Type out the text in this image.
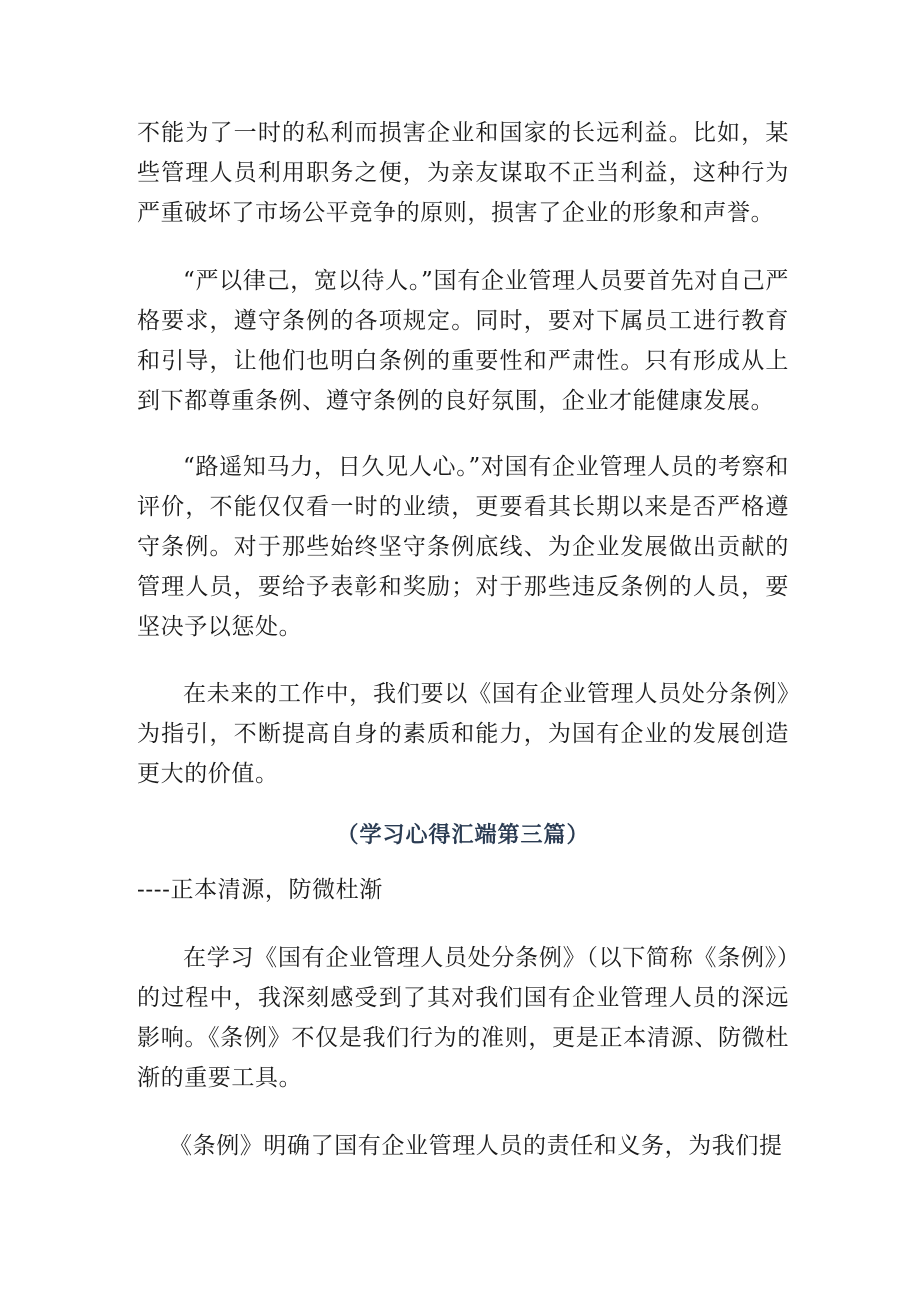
不能为了一时的私利而损害企业和国家的长远利益。比如，某些管理人员利用职务之便，为亲友谋取不正当利益，这种行为严重破坏了市场公平竞争的原则，损害了企业的形象和声誉。

“严以律己，宽以待人。”国有企业管理人员要首先对自己严格要求，遵守条例的各项规定。同时，要对下属员工进行教育和引导，让他们也明白条例的重要性和严肃性。只有形成从上到下都尊重条例、遵守条例的良好氛围，企业才能健康发展。

“路遥知马力，日久见人心。”对国有企业管理人员的考察和评价，不能仅仅看一时的业绩，更要看其长期以来是否严格遵守条例。对于那些始终坚守条例底线、为企业发展做出贡献的管理人员，要给予表彰和奖励；对于那些违反条例的人员，要坚决予以惩处。

在未来的工作中，我们要以《国有企业管理人员处分条例》为指引，不断提高自身的素质和能力，为国有企业的发展创造更大的价值。

（学习心得汇端第三篇）

----正本清源，防微杜渐

在学习《国有企业管理人员处分条例》（以下简称《条例》）的过程中，我深刻感受到了其对我们国有企业管理人员的深远影响。《条例》不仅是我们行为的准则，更是正本清源、防微杜渐的重要工具。

《条例》明确了国有企业管理人员的责任和义务，为我们提
